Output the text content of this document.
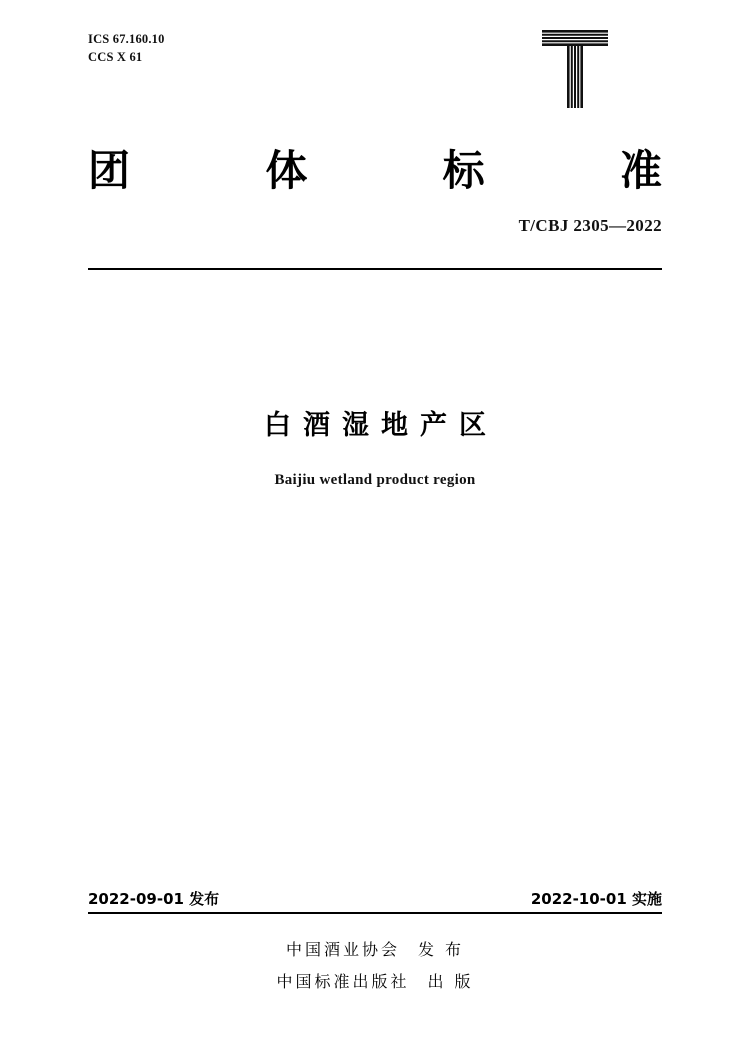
ICS 67.160.10
CCS X 61
团	体	标	准
T/CBJ 2305—2022
白酒湿地产区
Baijiu wetland product region
2022-09-01 发布	2022-10-01 实施
中国酒业协会 发 布
中国标准出版社 出 版
